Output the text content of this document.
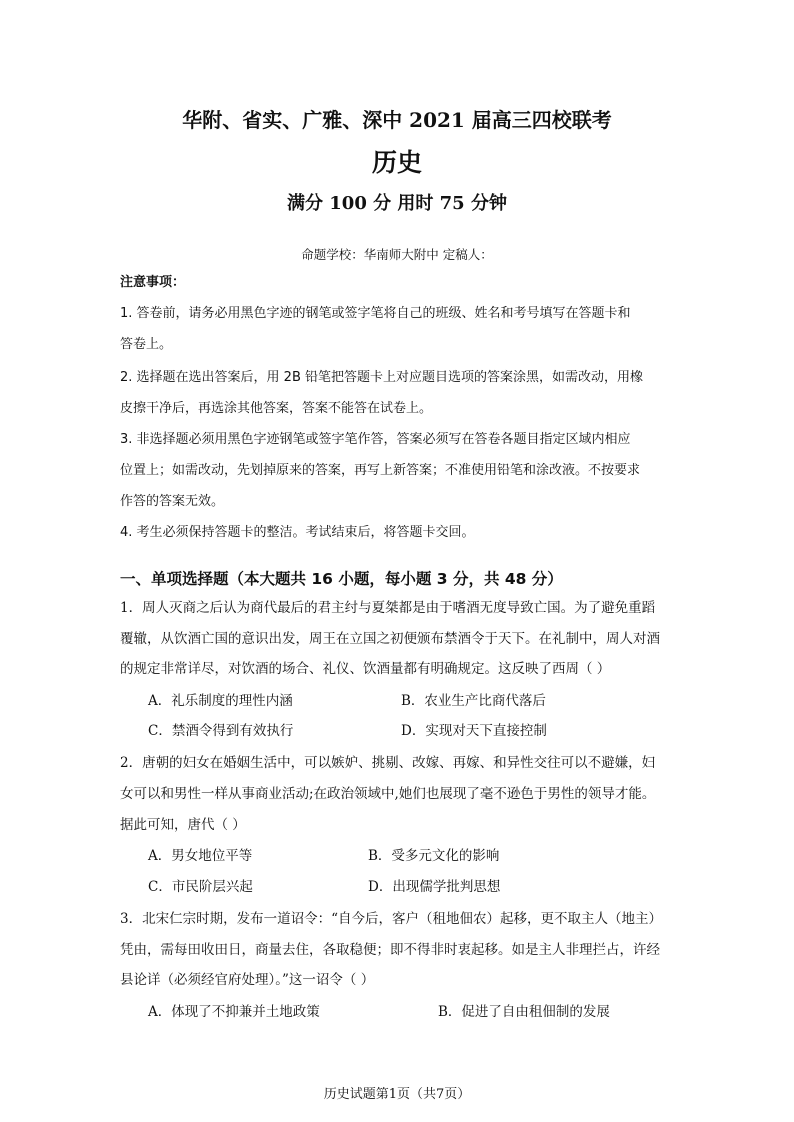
华附、省实、广雅、深中 2021 届高三四校联考
历史
满分 100 分 用时 75 分钟
命题学校：华南师大附中 定稿人：
注意事项：
1. 答卷前，请务必用黑色字迹的钢笔或签字笔将自己的班级、姓名和考号填写在答题卡和
答卷上。
2. 选择题在选出答案后，用 2B 铅笔把答题卡上对应题目选项的答案涂黑，如需改动，用橡
皮擦干净后，再选涂其他答案，答案不能答在试卷上。
3. 非选择题必须用黑色字迹钢笔或签字笔作答，答案必须写在答卷各题目指定区域内相应
位置上；如需改动，先划掉原来的答案，再写上新答案；不准使用铅笔和涂改液。不按要求
作答的答案无效。
4. 考生必须保持答题卡的整洁。考试结束后，将答题卡交回。
一、单项选择题（本大题共 16 小题，每小题 3 分，共 48 分）
1．周人灭商之后认为商代最后的君主纣与夏桀都是由于嗜酒无度导致亡国。为了避免重蹈
覆辙，从饮酒亡国的意识出发，周王在立国之初便颁布禁酒令于天下。在礼制中，周人对酒
的规定非常详尽，对饮酒的场合、礼仪、饮酒量都有明确规定。这反映了西周（ ）
A．礼乐制度的理性内涵	B．农业生产比商代落后
C．禁酒令得到有效执行	D．实现对天下直接控制
2．唐朝的妇女在婚姻生活中，可以嫉妒、挑剔、改嫁、再嫁、和异性交往可以不避嫌，妇
女可以和男性一样从事商业活动;在政治领域中,她们也展现了毫不逊色于男性的领导才能。
据此可知，唐代（ ）
A．男女地位平等	B．受多元文化的影响
C．市民阶层兴起	D．出现儒学批判思想
3．北宋仁宗时期，发布一道诏令：“自今后，客户（租地佃农）起移，更不取主人（地主）
凭由，需每田收田日，商量去住，各取稳便；即不得非时衷起移。如是主人非理拦占，许经
县论详（必须经官府处理）。”这一诏令（ ）
A．体现了不抑兼并土地政策	B．促进了自由租佃制的发展
历史试题第1页（共7页）
